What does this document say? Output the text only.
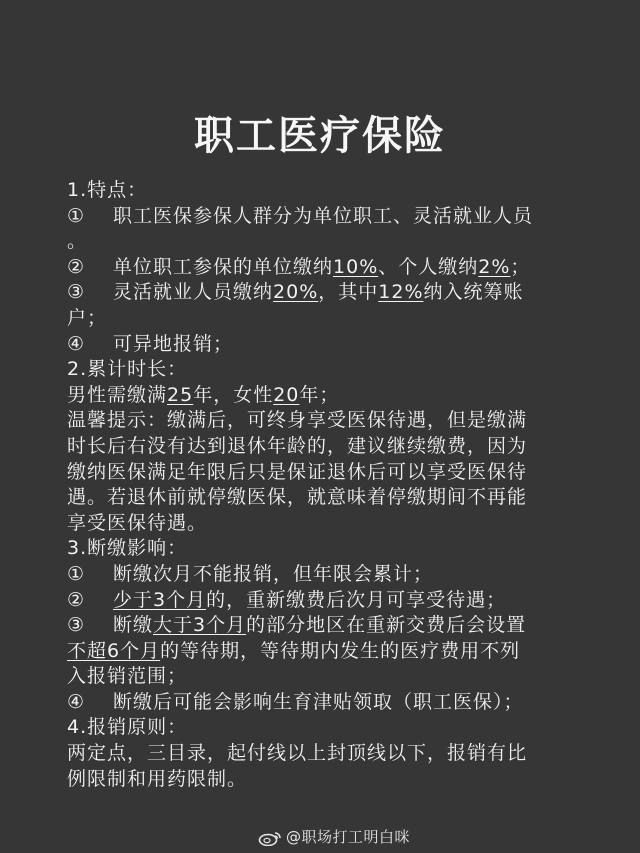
职工医疗保险
1.特点：
① 职工医保参保人群分为单位职工、灵活就业人员
。
② 单位职工参保的单位缴纳10%、个人缴纳2%；
③ 灵活就业人员缴纳20%，其中12%纳入统筹账
户；
④ 可异地报销；
2.累计时长：
男性需缴满25年，女性20年；
温馨提示：缴满后，可终身享受医保待遇，但是缴满
时长后右没有达到退休年龄的，建议继续缴费，因为
缴纳医保满足年限后只是保证退休后可以享受医保待
遇。若退休前就停缴医保，就意味着停缴期间不再能
享受医保待遇。
3.断缴影响：
① 断缴次月不能报销，但年限会累计；
② 少于3个月的，重新缴费后次月可享受待遇；
③ 断缴大于3个月的部分地区在重新交费后会设置
不超6个月的等待期，等待期内发生的医疗费用不列
入报销范围；
④ 断缴后可能会影响生育津贴领取（职工医保）；
4.报销原则：
两定点，三目录，起付线以上封顶线以下，报销有比
例限制和用药限制。
@职场打工明白咪
